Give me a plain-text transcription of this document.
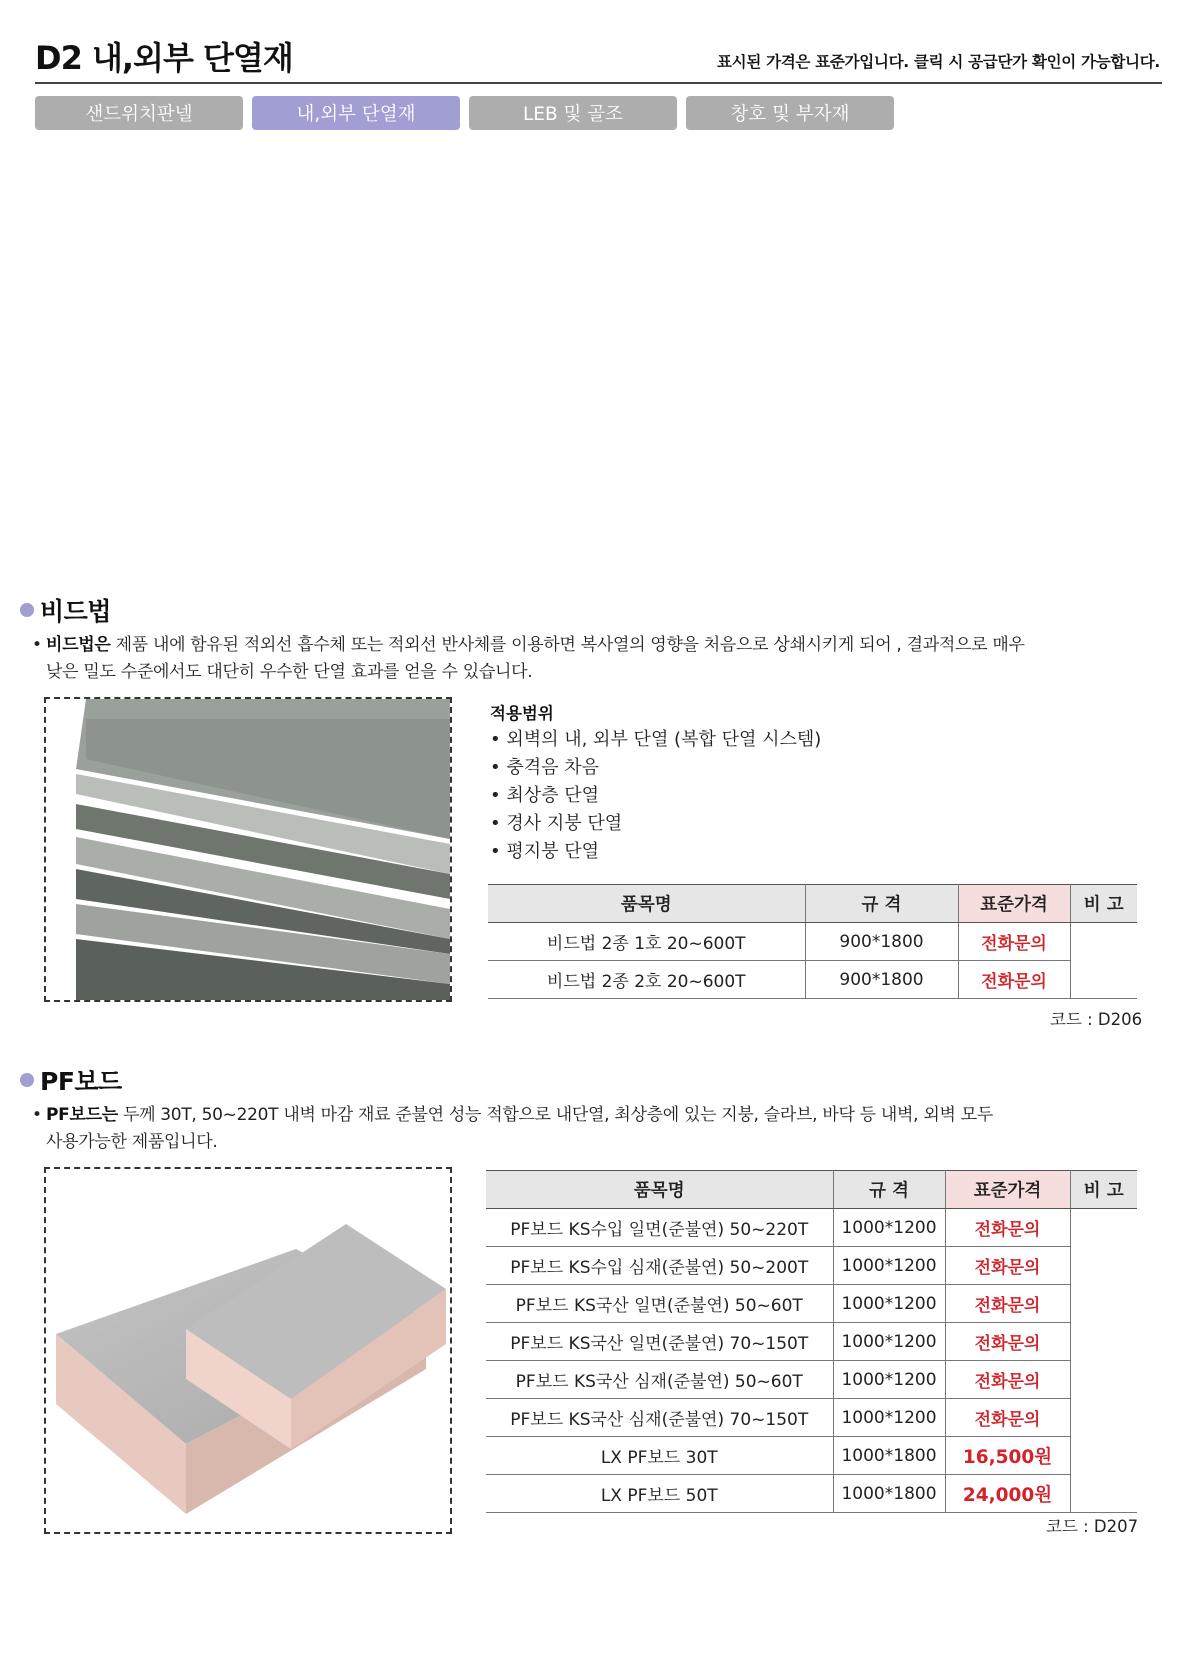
D2 내,외부 단열재	표시된 가격은 표준가입니다. 클릭 시 공급단가 확인이 가능합니다.
샌드위치판넬	내,외부 단열재	LEB 및 골조	창호 및 부자재
비드법
• 비드법은 제품 내에 함유된 적외선 흡수체 또는 적외선 반사체를 이용하면 복사열의 영향을 처음으로 상쇄시키게 되어 , 결과적으로 매우
낮은 밀도 수준에서도 대단히 우수한 단열 효과를 얻을 수 있습니다.
적용범위
• 외벽의 내, 외부 단열 (복합 단열 시스템)
• 충격음 차음
• 최상층 단열
• 경사 지붕 단열
• 평지붕 단열
품목명	규 격	표준가격	비 고
비드법 2종 1호 20~600T	900*1800	전화문의	
비드법 2종 2호 20~600T	900*1800	전화문의	
코드 : D206
PF보드
• PF보드는 두께 30T, 50~220T 내벽 마감 재료 준불연 성능 적합으로 내단열, 최상층에 있는 지붕, 슬라브, 바닥 등 내벽, 외벽 모두
사용가능한 제품입니다.
품목명	규 격	표준가격	비 고
PF보드 KS수입 일면(준불연) 50~220T	1000*1200	전화문의	
PF보드 KS수입 심재(준불연) 50~200T	1000*1200	전화문의	
PF보드 KS국산 일면(준불연) 50~60T	1000*1200	전화문의	
PF보드 KS국산 일면(준불연) 70~150T	1000*1200	전화문의	
PF보드 KS국산 심재(준불연) 50~60T	1000*1200	전화문의	
PF보드 KS국산 심재(준불연) 70~150T	1000*1200	전화문의	
LX PF보드 30T	1000*1800	16,500원	
LX PF보드 50T	1000*1800	24,000원	
코드 : D207
